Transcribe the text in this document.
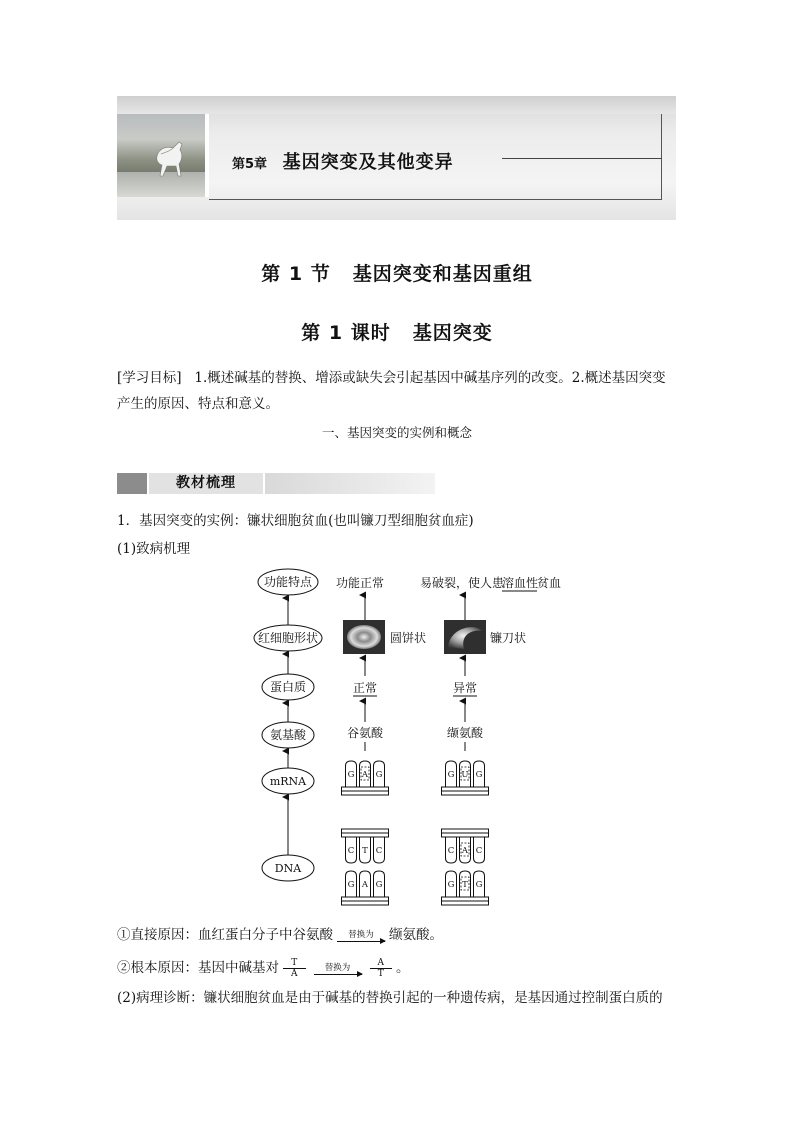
第5章 基因突变及其他变异
第 1 节 基因突变和基因重组
第 1 课时 基因突变
[学习目标] 1.概述碱基的替换、增添或缺失会引起基因中碱基序列的改变。2.概述基因突变产生的原因、特点和意义。
一、基因突变的实例和概念
教材梳理
1．基因突变的实例：镰状细胞贫血(也叫镰刀型细胞贫血症)
(1)致病机理
功能特点
红细胞形状
蛋白质
氨基酸
mRNA
DNA
功能正常
圆饼状
正常
谷氨酸
易破裂，使人患
溶血性
贫血
镰刀状
异常
缬氨酸
G A G	G U G
C T C	C A C
G A G	G T G
①直接原因：血红蛋白分子中谷氨酸	替换为	缬氨酸。
②根本原因：基因中碱基对 $\frac{T}{A}$	替换为	$\frac{A}{T}$ 。
(2)病理诊断：镰状细胞贫血是由于碱基的替换引起的一种遗传病，是基因通过控制蛋白质的
